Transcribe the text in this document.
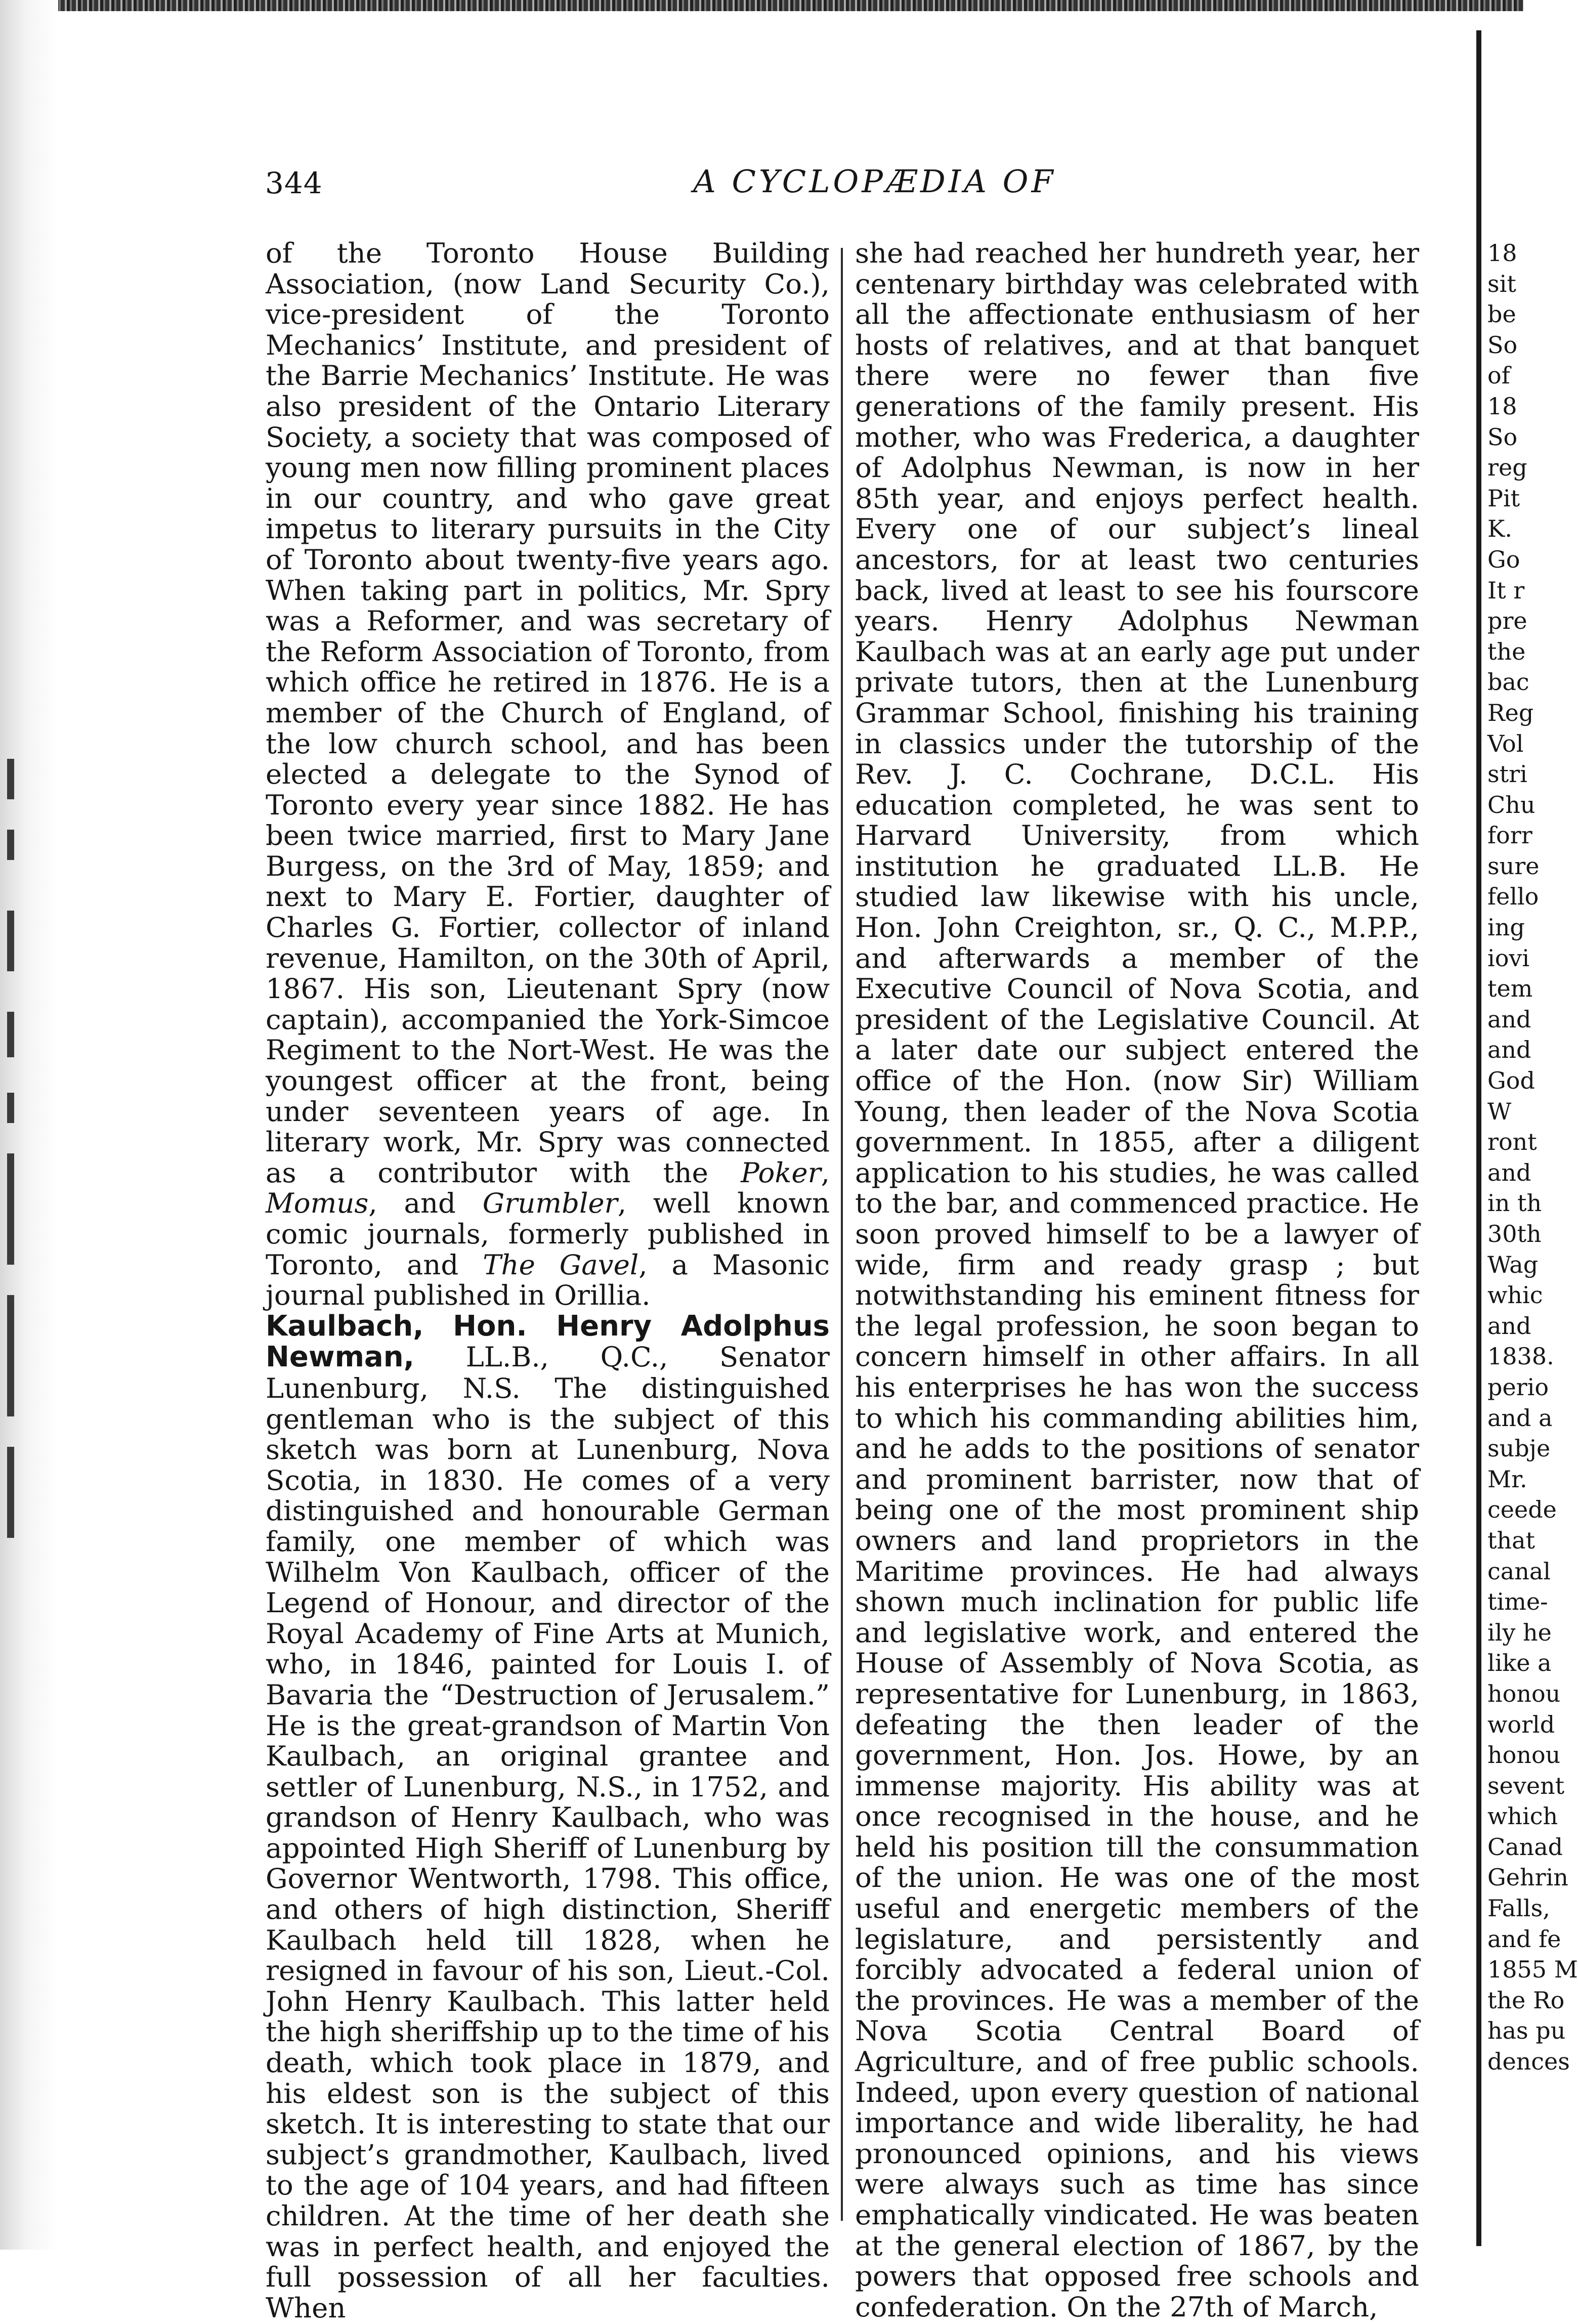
344	A CYCLOPÆDIA OF

of the Toronto House Building Association, (now Land Security Co.), vice-president of the Toronto Mechanics’ Institute, and president of the Barrie Mechanics’ Institute. He was also president of the Ontario Literary Society, a society that was composed of young men now filling prominent places in our country, and who gave great impetus to literary pursuits in the City of Toronto about twenty-five years ago. When taking part in politics, Mr. Spry was a Reformer, and was secretary of the Reform Association of Toronto, from which office he retired in 1876. He is a member of the Church of England, of the low church school, and has been elected a delegate to the Synod of Toronto every year since 1882. He has been twice married, first to Mary Jane Burgess, on the 3rd of May, 1859; and next to Mary E. Fortier, daughter of Charles G. Fortier, collector of inland revenue, Hamilton, on the 30th of April, 1867. His son, Lieutenant Spry (now captain), accompanied the York-Simcoe Regiment to the Nort-West. He was the youngest officer at the front, being under seventeen years of age. In literary work, Mr. Spry was connected as a contributor with the Poker, Momus, and Grumbler, well known comic journals, formerly published in Toronto, and The Gavel, a Masonic journal published in Orillia.

Kaulbach, Hon. Henry Adolphus Newman, LL.B., Q.C., Senator Lunenburg, N.S. The distinguished gentleman who is the subject of this sketch was born at Lunenburg, Nova Scotia, in 1830. He comes of a very distinguished and honourable German family, one member of which was Wilhelm Von Kaulbach, officer of the Legend of Honour, and director of the Royal Academy of Fine Arts at Munich, who, in 1846, painted for Louis I. of Bavaria the “Destruction of Jerusalem.” He is the great-grandson of Martin Von Kaulbach, an original grantee and settler of Lunenburg, N.S., in 1752, and grandson of Henry Kaulbach, who was appointed High Sheriff of Lunenburg by Governor Wentworth, 1798. This office, and others of high distinction, Sheriff Kaulbach held till 1828, when he resigned in favour of his son, Lieut.-Col. John Henry Kaulbach. This latter held the high sheriffship up to the time of his death, which took place in 1879, and his eldest son is the subject of this sketch. It is interesting to state that our subject’s grandmother, Kaulbach, lived to the age of 104 years, and had fifteen children. At the time of her death she was in perfect health, and enjoyed the full possession of all her faculties. When

she had reached her hundreth year, her centenary birthday was celebrated with all the affectionate enthusiasm of her hosts of relatives, and at that banquet there were no fewer than five generations of the family present. His mother, who was Frederica, a daughter of Adolphus Newman, is now in her 85th year, and enjoys perfect health. Every one of our subject’s lineal ancestors, for at least two centuries back, lived at least to see his fourscore years. Henry Adolphus Newman Kaulbach was at an early age put under private tutors, then at the Lunenburg Grammar School, finishing his training in classics under the tutorship of the Rev. J. C. Cochrane, D.C.L. His education completed, he was sent to Harvard University, from which institution he graduated LL.B. He studied law likewise with his uncle, Hon. John Creighton, sr., Q. C., M.P.P., and afterwards a member of the Executive Council of Nova Scotia, and president of the Legislative Council. At a later date our subject entered the office of the Hon. (now Sir) William Young, then leader of the Nova Scotia government. In 1855, after a diligent application to his studies, he was called to the bar, and commenced practice. He soon proved himself to be a lawyer of wide, firm and ready grasp ; but notwithstanding his eminent fitness for the legal profession, he soon began to concern himself in other affairs. In all his enterprises he has won the success to which his commanding abilities him, and he adds to the positions of senator and prominent barrister, now that of being one of the most prominent ship owners and land proprietors in the Maritime provinces. He had always shown much inclination for public life and legislative work, and entered the House of Assembly of Nova Scotia, as representative for Lunenburg, in 1863, defeating the then leader of the government, Hon. Jos. Howe, by an immense majority. His ability was at once recognised in the house, and he held his position till the consummation of the union. He was one of the most useful and energetic members of the legislature, and persistently and forcibly advocated a federal union of the provinces. He was a member of the Nova Scotia Central Board of Agriculture, and of free public schools. Indeed, upon every question of national importance and wide liberality, he had pronounced opinions, and his views were always such as time has since emphatically vindicated. He was beaten at the general election of 1867, by the powers that opposed free schools and confederation. On the 27th of March,

18
sit
be
So
of
18
So
reg
Pit
K.
Go
It r
pre
the
bac
Reg
Vol
stri
Chu
forr
sure
fello
ing
iovi
tem
and
and
God
W
ront
and
in th
30th
Wag
whic
and
1838.
perio
and a
subje
Mr.
ceede
that
canal
time-
ily he
like a
honou
world
honou
sevent
which
Canad
Gehrin
Falls,
and fe
1855 M
the Ro
has pu
dences
